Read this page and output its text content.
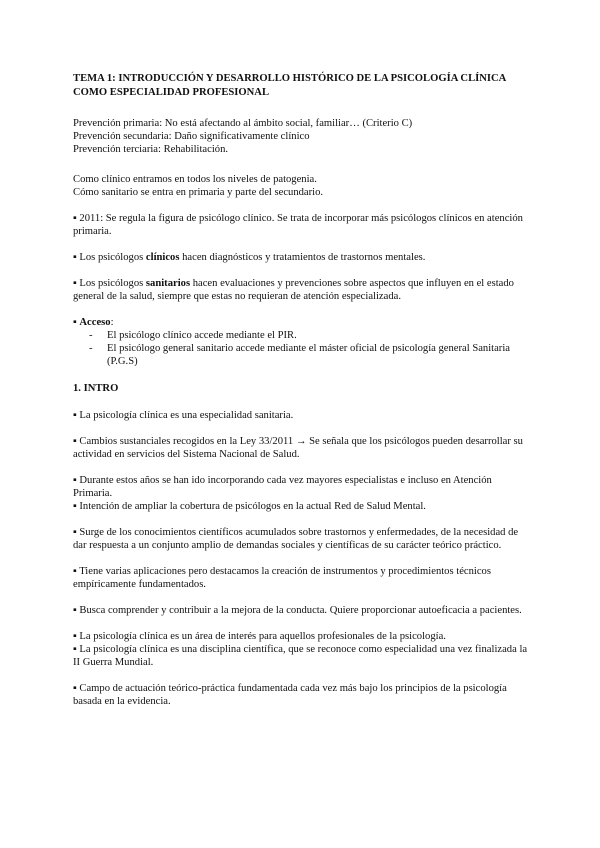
TEMA 1: INTRODUCCIÓN Y DESARROLLO HISTÓRICO DE LA PSICOLOGÍA CLÍNICA COMO ESPECIALIDAD PROFESIONAL

Prevención primaria: No está afectando al ámbito social, familiar… (Criterio C)

Prevención secundaria: Daño significativamente clínico

Prevención terciaria: Rehabilitación.

Como clínico entramos en todos los niveles de patogenia.

Cómo sanitario se entra en primaria y parte del secundario.

▪ 2011: Se regula la figura de psicólogo clínico. Se trata de incorporar más psicólogos clínicos en atención primaria.

▪ Los psicólogos clínicos hacen diagnósticos y tratamientos de trastornos mentales.

▪ Los psicólogos sanitarios hacen evaluaciones y prevenciones sobre aspectos que influyen en el estado general de la salud, siempre que estas no requieran de atención especializada.

▪ Acceso:

- El psicólogo clínico accede mediante el PIR.
- El psicólogo general sanitario accede mediante el máster oficial de psicología general Sanitaria (P.G.S)

1. INTRO

▪ La psicología clínica es una especialidad sanitaria.

▪ Cambios sustanciales recogidos en la Ley 33/2011 → Se señala que los psicólogos pueden desarrollar su actividad en servicios del Sistema Nacional de Salud.

▪ Durante estos años se han ido incorporando cada vez mayores especialistas e incluso en Atención Primaria.

▪ Intención de ampliar la cobertura de psicólogos en la actual Red de Salud Mental.

▪ Surge de los conocimientos científicos acumulados sobre trastornos y enfermedades, de la necesidad de dar respuesta a un conjunto amplio de demandas sociales y científicas de su carácter teórico práctico.

▪ Tiene varias aplicaciones pero destacamos la creación de instrumentos y procedimientos técnicos empíricamente fundamentados.

▪ Busca comprender y contribuir a la mejora de la conducta. Quiere proporcionar autoeficacia a pacientes.

▪ La psicología clínica es un área de interés para aquellos profesionales de la psicología.

▪ La psicología clínica es una disciplina científica, que se reconoce como especialidad una vez finalizada la II Guerra Mundial.

▪ Campo de actuación teórico-práctica fundamentada cada vez más bajo los principios de la psicología basada en la evidencia.
